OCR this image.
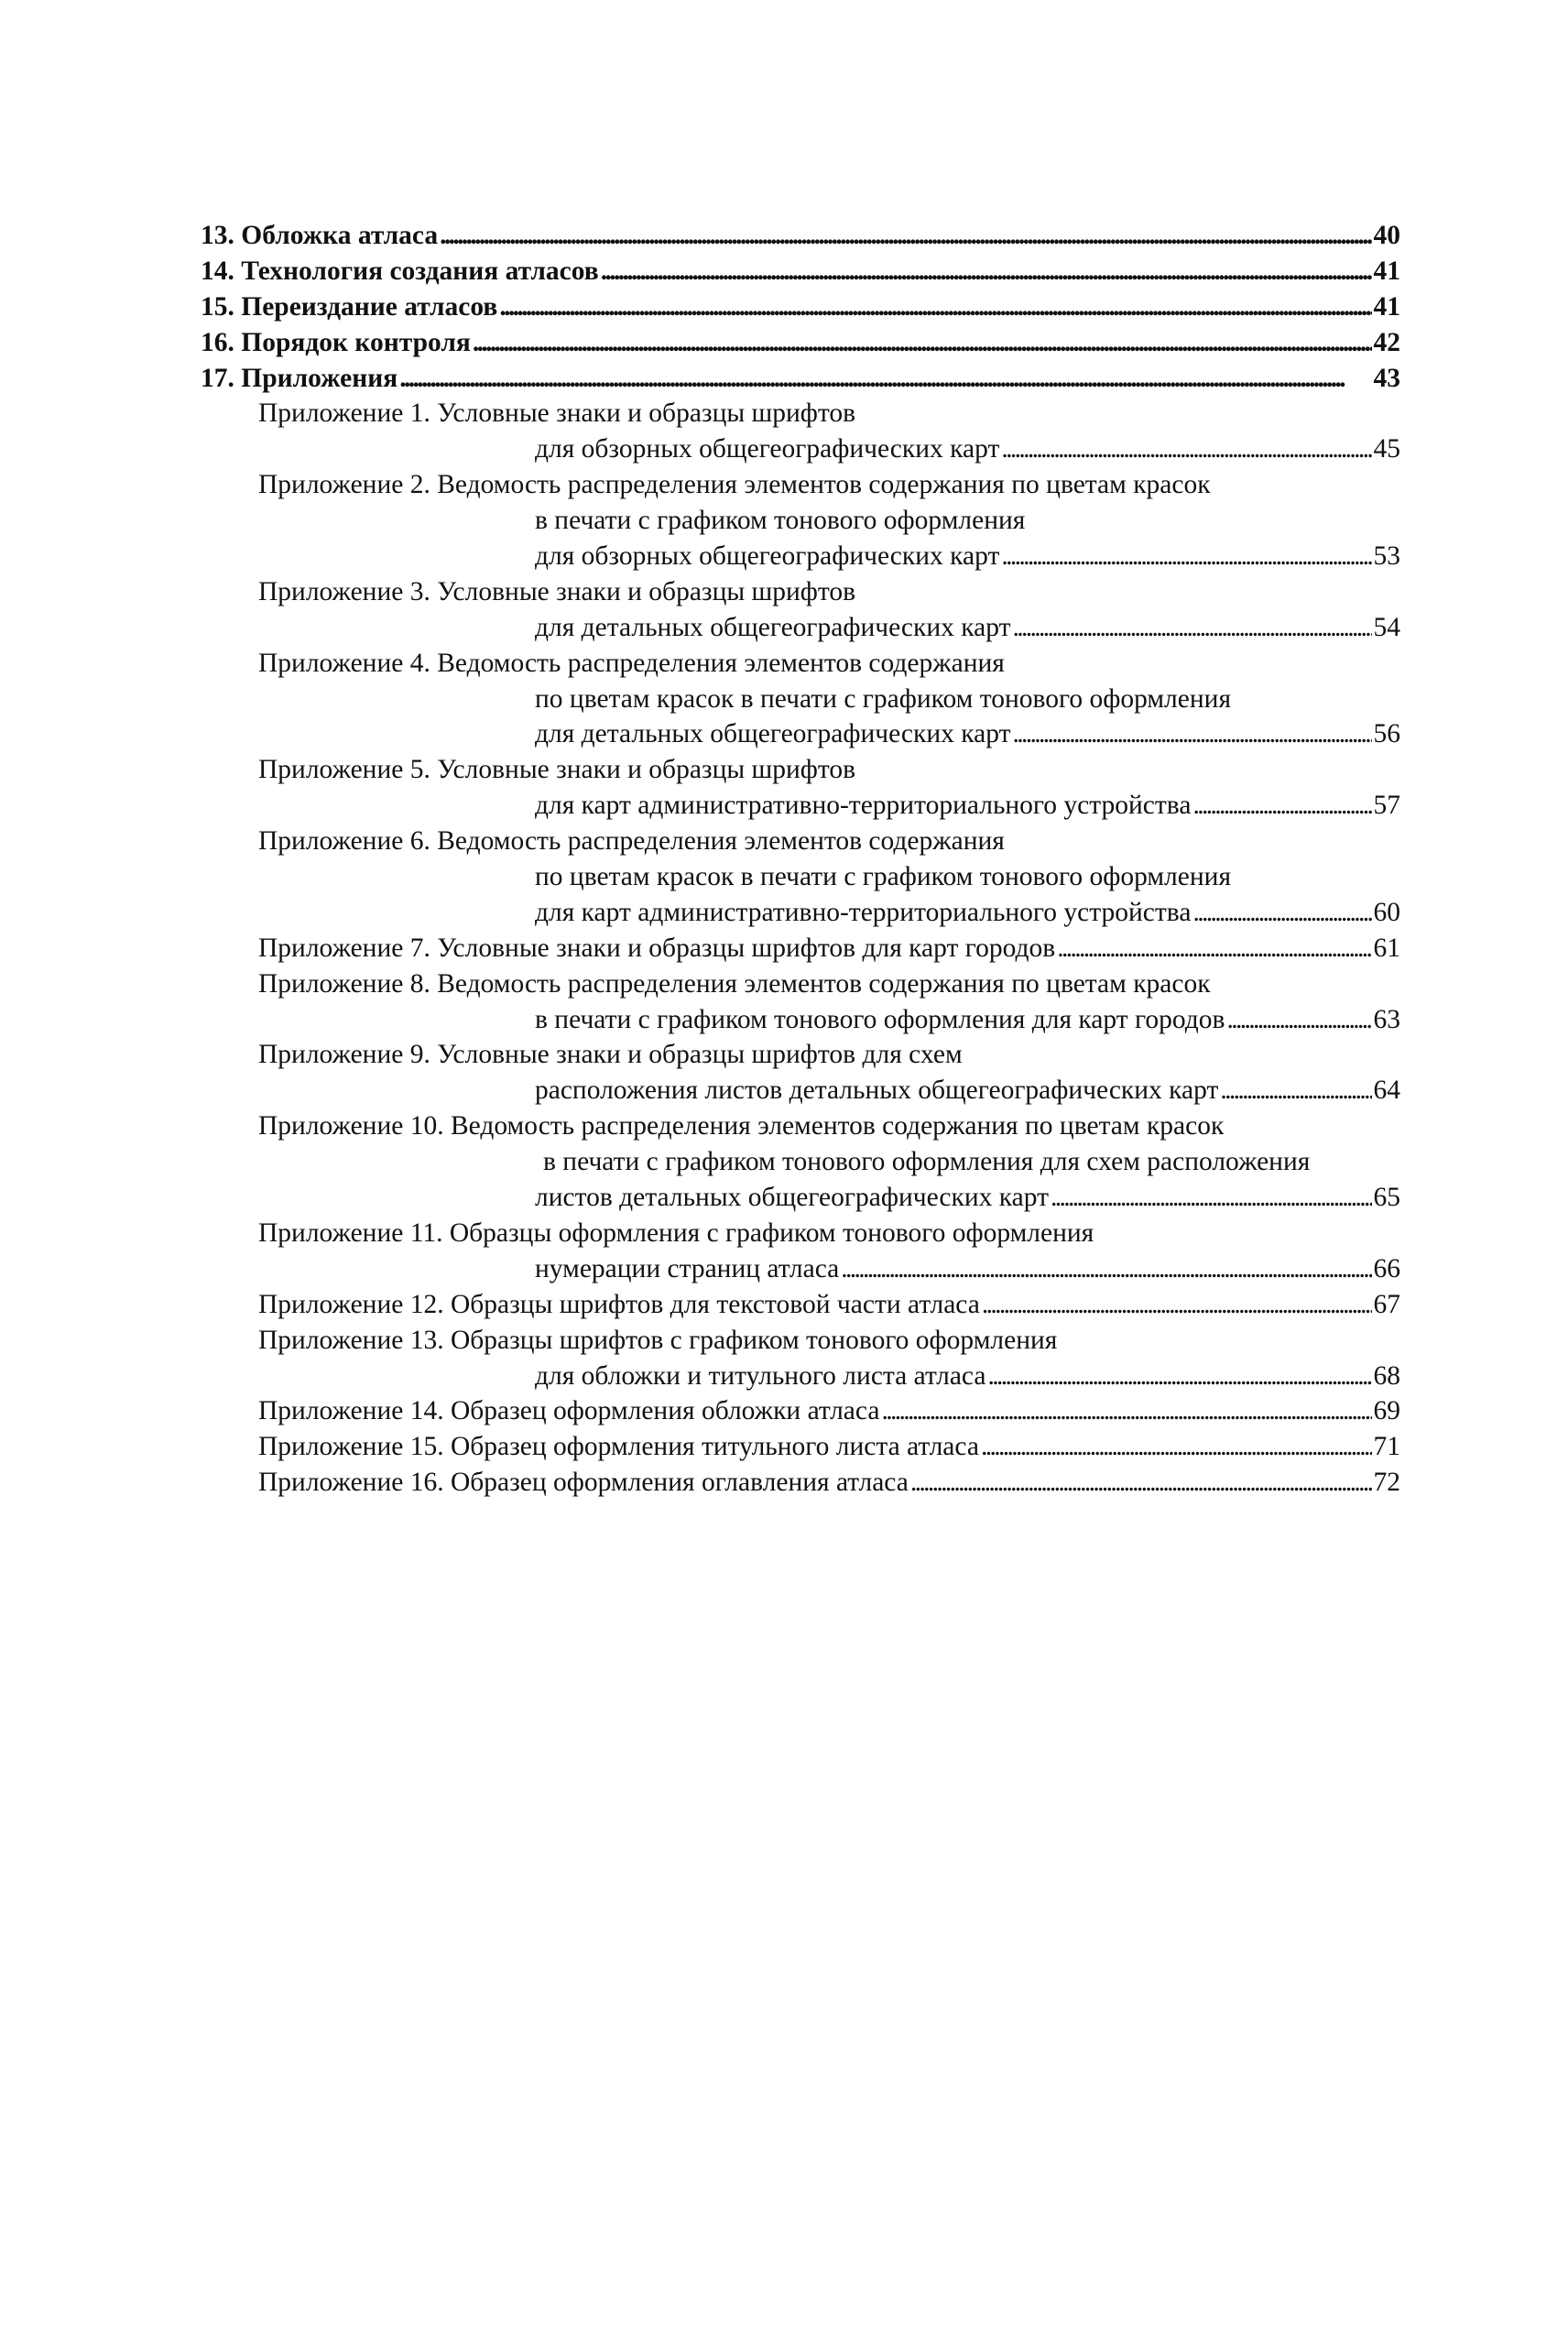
13. Обложка атласа . . .	40
14. Технология создания атласов . . .	41
15. Переиздание атласов . . .	41
16. Порядок контроля . . .	42
17. Приложения . . .	43
Приложение 1. Условные знаки и образцы шрифтов
для обзорных общегеографических карт . . .	45
Приложение 2. Ведомость распределения элементов содержания по цветам красок
в печати с графиком тонового оформления
для обзорных общегеографических карт . . .	53
Приложение 3. Условные знаки и образцы шрифтов
для детальных общегеографических карт . . .	54
Приложение 4. Ведомость распределения элементов содержания
по цветам красок в печати с графиком тонового оформления
для детальных общегеографических карт . . .	56
Приложение 5. Условные знаки и образцы шрифтов
для карт административно-территориального устройства . . .	57
Приложение 6. Ведомость распределения элементов содержания
по цветам красок в печати с графиком тонового оформления
для карт административно-территориального устройства . . .	60
Приложение 7. Условные знаки и образцы шрифтов для карт городов . . .	61
Приложение 8. Ведомость распределения элементов содержания по цветам красок
в печати с графиком тонового оформления для карт городов . . .	63
Приложение 9. Условные знаки и образцы шрифтов для схем
расположения листов детальных общегеографических карт . . .	64
Приложение 10. Ведомость распределения элементов содержания по цветам красок
в печати с графиком тонового оформления для схем расположения
листов детальных общегеографических карт . . .	65
Приложение 11. Образцы оформления с графиком тонового оформления
нумерации страниц атласа . . .	66
Приложение 12. Образцы шрифтов для текстовой части атласа . . .	67
Приложение 13. Образцы шрифтов с графиком тонового оформления
для обложки и титульного листа атласа . . .	68
Приложение 14. Образец оформления обложки атласа . . .	69
Приложение 15. Образец оформления титульного листа атласа . . .	71
Приложение 16. Образец оформления оглавления атласа . . .	72
